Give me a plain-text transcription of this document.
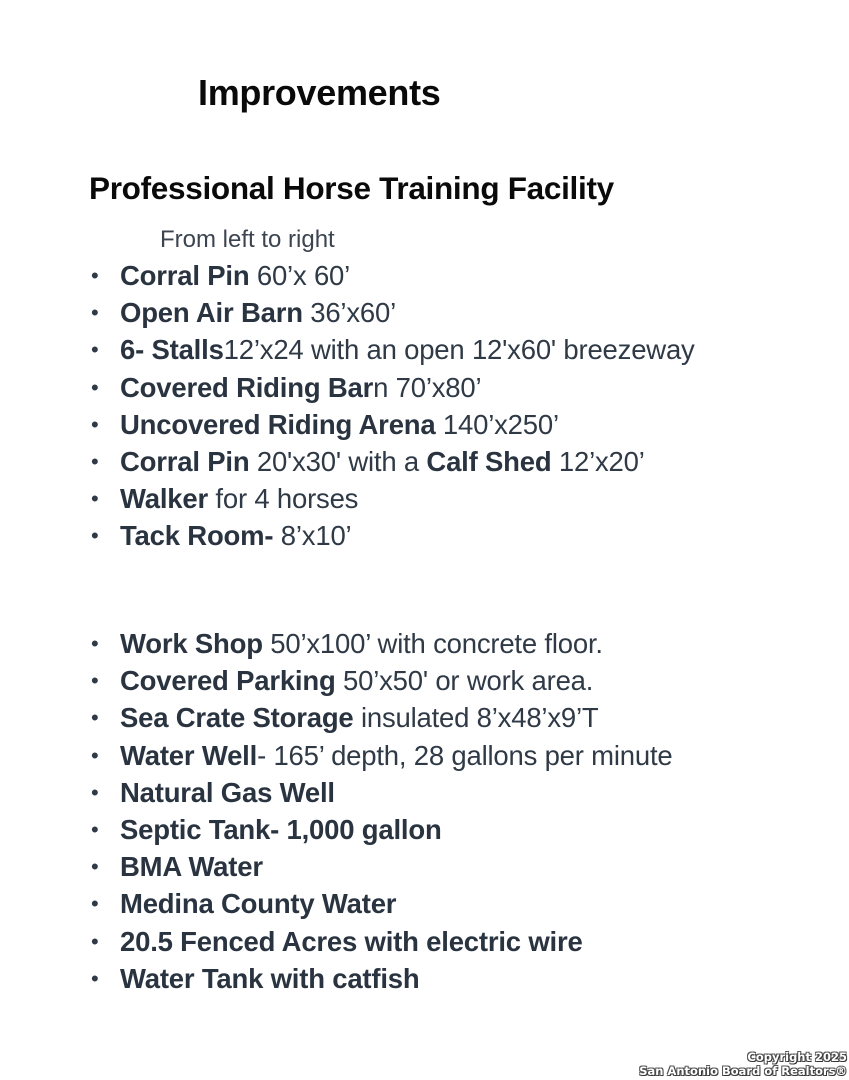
Improvements
Professional Horse Training Facility

From left to right

• Corral Pin 60’x 60’
• Open Air Barn 36’x60’
• 6- Stalls12’x24 with an open 12'x60' breezeway
• Covered Riding Barn 70’x80’
• Uncovered Riding Arena 140’x250’
• Corral Pin 20'x30' with a Calf Shed 12’x20’
• Walker for 4 horses
• Tack Room- 8’x10’
• Work Shop 50’x100’ with concrete floor.
• Covered Parking 50’x50' or work area.
• Sea Crate Storage insulated 8’x48’x9’T
• Water Well- 165’ depth, 28 gallons per minute
• Natural Gas Well
• Septic Tank- 1,000 gallon
• BMA Water
• Medina County Water
• 20.5 Fenced Acres with electric wire
• Water Tank with catfish
Copyright 2025
San Antonio Board of Realtors®
